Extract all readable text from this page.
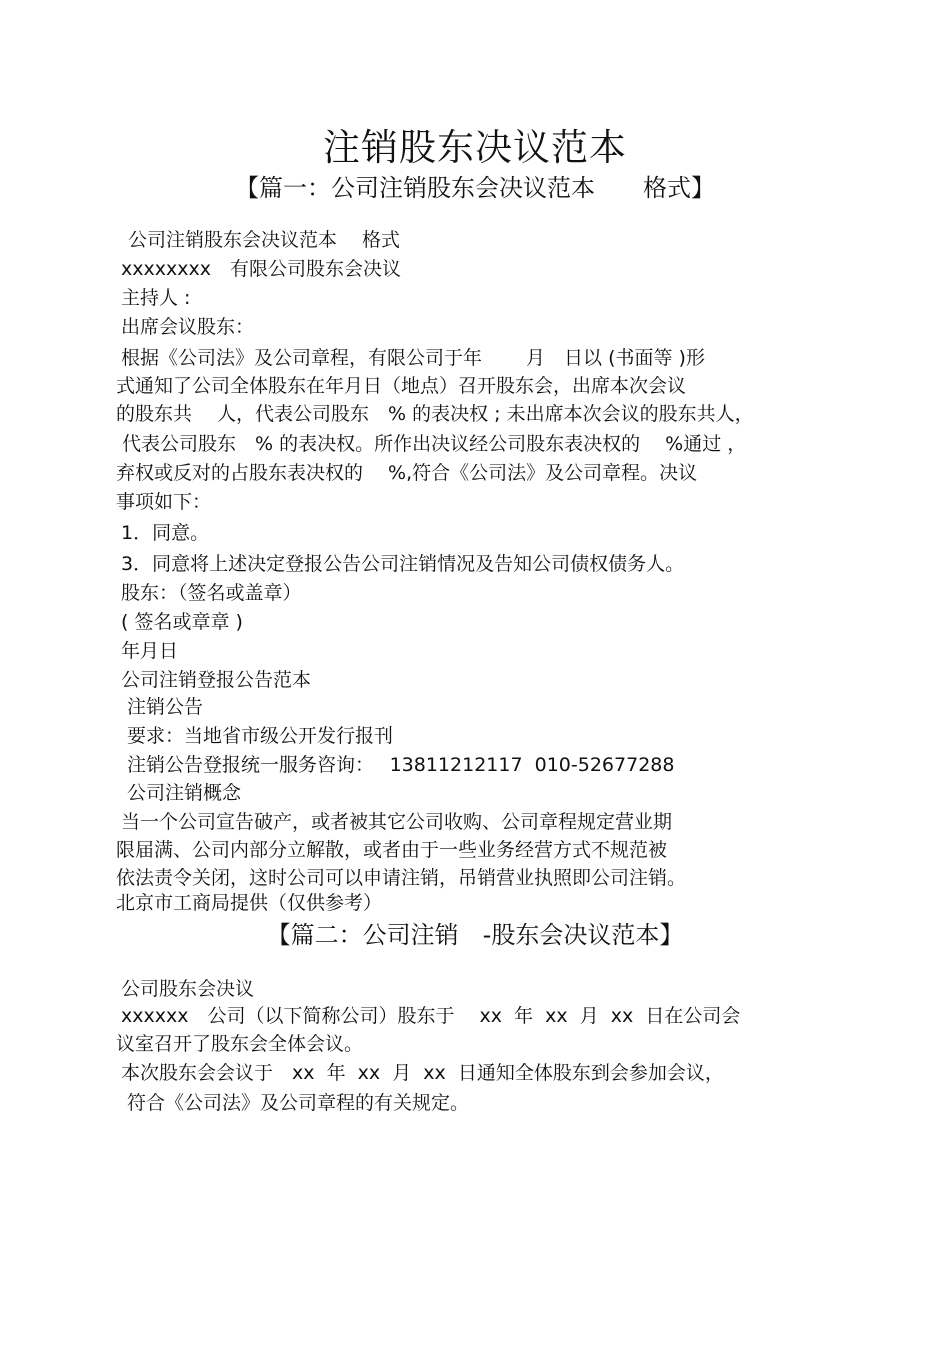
注销股东决议范本
【篇一：公司注销股东会决议范本　　格式】
公司注销股东会决议范本　 格式
xxxxxxxx　有限公司股东会决议
主持人 :
出席会议股东：
根据《公司法》及公司章程，有限公司于年　　 月　日以 (书面等 )形
式通知了公司全体股东在年月日（地点）召开股东会，出席本次会议
的股东共　 人，代表公司股东　% 的表决权 ; 未出席本次会议的股东共人，
代表公司股东　% 的表决权。所作出决议经公司股东表决权的　 %通过 ，
弃权或反对的占股东表决权的　 %,符合《公司法》及公司章程。决议
事项如下：
1．同意。
3．同意将上述决定登报公告公司注销情况及告知公司债权债务人。
股东：（签名或盖章）
( 签名或章章 )
年月日
公司注销登报公告范本
注销公告
要求：当地省市级公开发行报刊
注销公告登报统一服务咨询：　 13811212117  010-52677288
公司注销概念
当一个公司宣告破产，或者被其它公司收购、公司章程规定营业期
限届满、公司内部分立解散，或者由于一些业务经营方式不规范被
依法责令关闭，这时公司可以申请注销，吊销营业执照即公司注销。
北京市工商局提供（仅供参考）
【篇二：公司注销　-股东会决议范本】
公司股东会决议
xxxxxx　公司（以下简称公司）股东于　 xx  年  xx  月  xx  日在公司会
议室召开了股东会全体会议。
本次股东会会议于　xx  年  xx  月  xx  日通知全体股东到会参加会议，
符合《公司法》及公司章程的有关规定。
